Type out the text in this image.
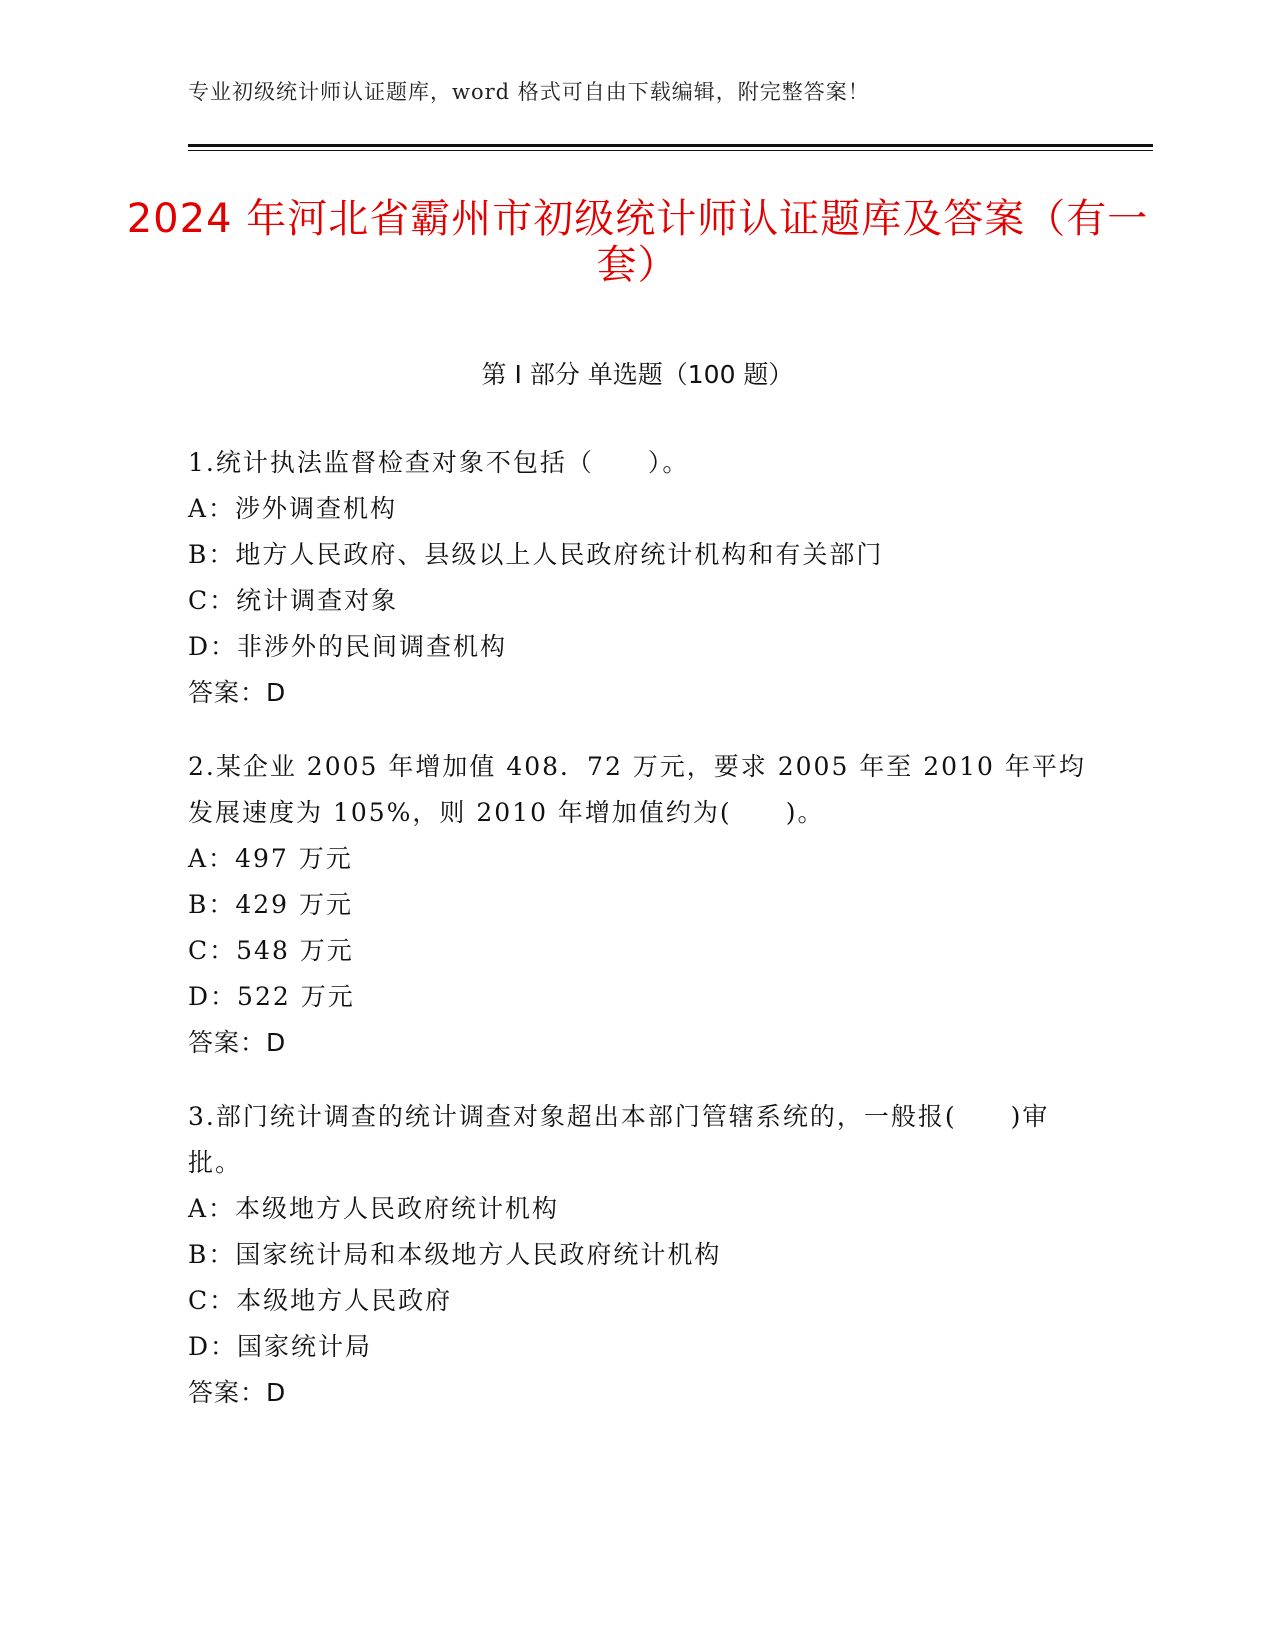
专业初级统计师认证题库，word 格式可自由下载编辑，附完整答案！
2024 年河北省霸州市初级统计师认证题库及答案（有一套）
第 I 部分 单选题（100 题）
1.统计执法监督检查对象不包括（　　）。
A：涉外调查机构
B：地方人民政府、县级以上人民政府统计机构和有关部门
C：统计调查对象
D：非涉外的民间调查机构
答案：D
2.某企业 2005 年增加值 408．72 万元，要求 2005 年至 2010 年平均发展速度为 105%，则 2010 年增加值约为(　　)。
A：497 万元
B：429 万元
C：548 万元
D：522 万元
答案：D
3.部门统计调查的统计调查对象超出本部门管辖系统的，一般报(　　)审批。
A：本级地方人民政府统计机构
B：国家统计局和本级地方人民政府统计机构
C：本级地方人民政府
D：国家统计局
答案：D
